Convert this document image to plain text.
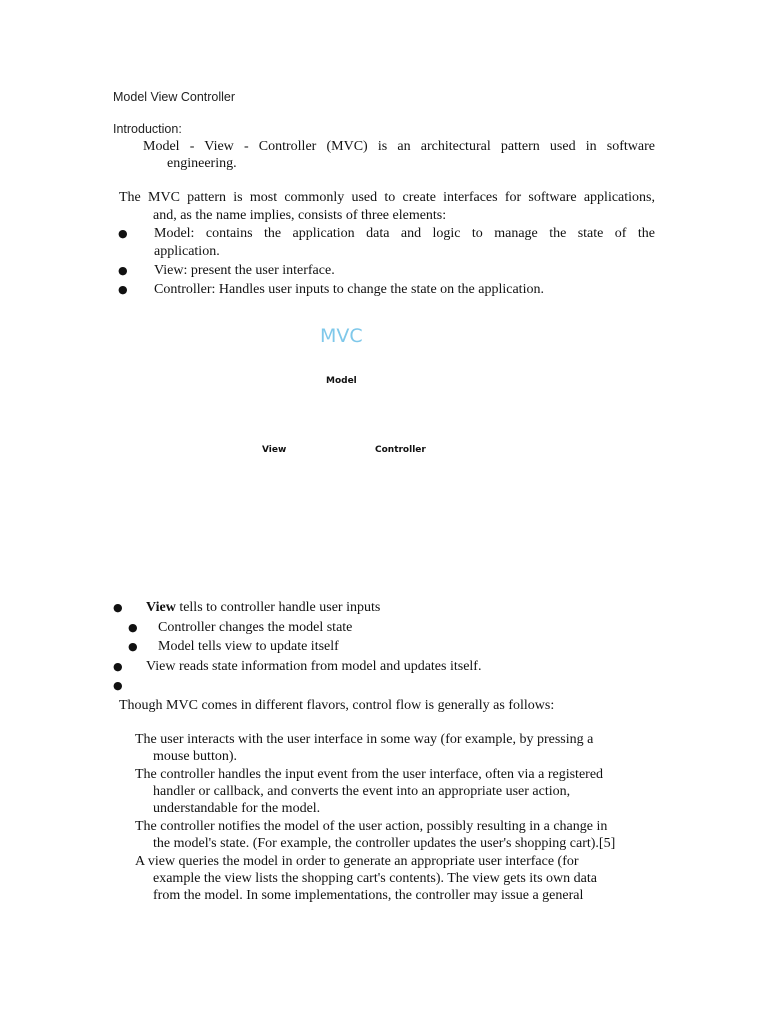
Model View Controller
Introduction:
Model - View - Controller (MVC) is an architectural pattern used in software
engineering.
The MVC pattern is most commonly used to create interfaces for software applications,
and, as the name implies, consists of three elements:
● Model: contains the application data and logic to manage the state of the
application.
● View: present the user interface.
● Controller: Handles user inputs to change the state on the application.
MVC
Model
View	Controller
● View tells to controller handle user inputs
● Controller changes the model state
● Model tells view to update itself
● View reads state information from model and updates itself.
●
Though MVC comes in different flavors, control flow is generally as follows:
The user interacts with the user interface in some way (for example, by pressing a
mouse button).
The controller handles the input event from the user interface, often via a registered
handler or callback, and converts the event into an appropriate user action,
understandable for the model.
The controller notifies the model of the user action, possibly resulting in a change in
the model's state. (For example, the controller updates the user's shopping cart).[5]
A view queries the model in order to generate an appropriate user interface (for
example the view lists the shopping cart's contents). The view gets its own data
from the model. In some implementations, the controller may issue a general
